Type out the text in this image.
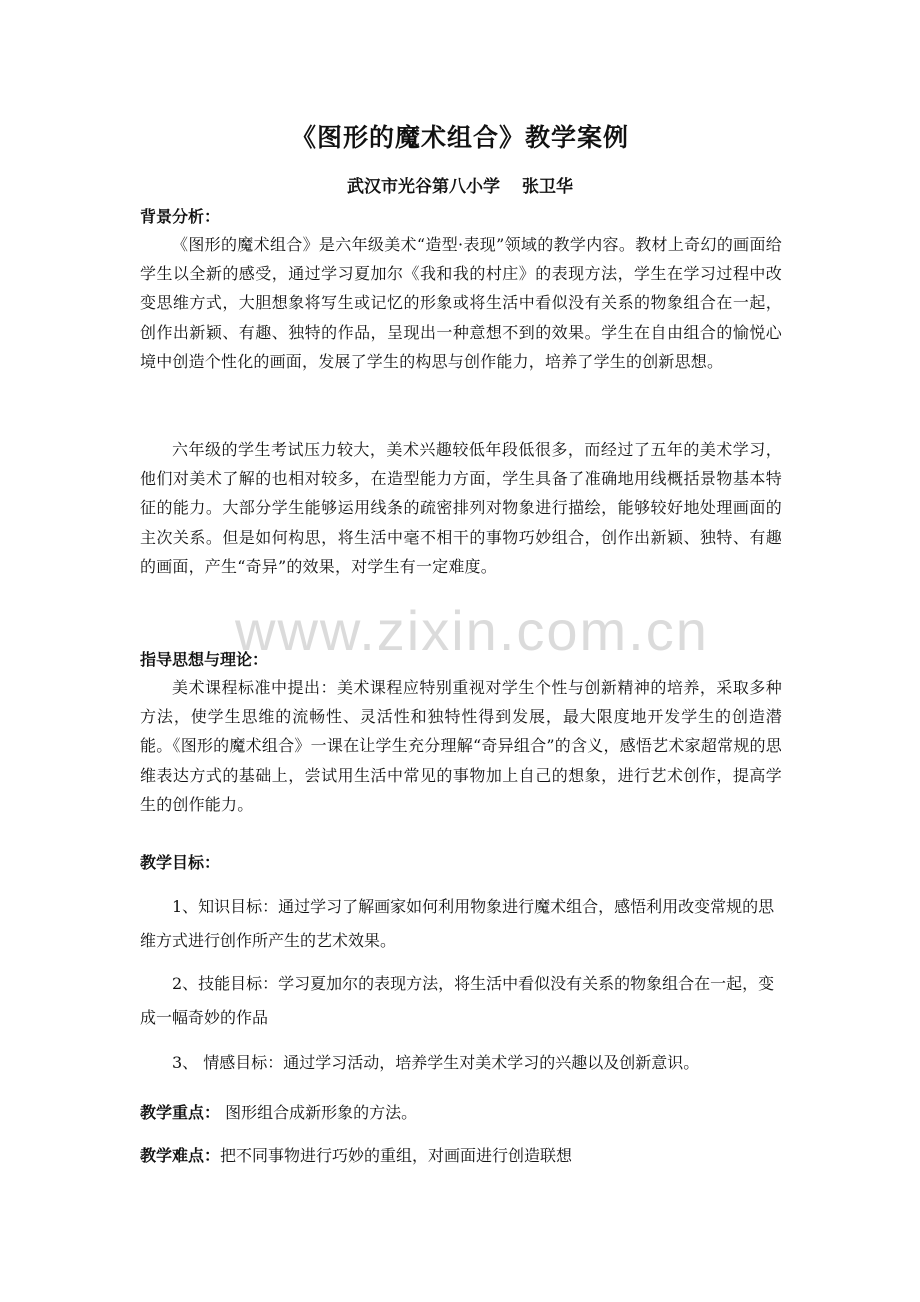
《图形的魔术组合》教学案例
武汉市光谷第八小学 张卫华
背景分析：

《图形的魔术组合》是六年级美术“造型·表现”领域的教学内容。教材上奇幻的画面给学生以全新的感受，通过学习夏加尔《我和我的村庄》的表现方法，学生在学习过程中改变思维方式，大胆想象将写生或记忆的形象或将生活中看似没有关系的物象组合在一起，创作出新颖、有趣、独特的作品，呈现出一种意想不到的效果。学生在自由组合的愉悦心境中创造个性化的画面，发展了学生的构思与创作能力，培养了学生的创新思想。

六年级的学生考试压力较大，美术兴趣较低年段低很多，而经过了五年的美术学习，他们对美术了解的也相对较多，在造型能力方面，学生具备了准确地用线概括景物基本特征的能力。大部分学生能够运用线条的疏密排列对物象进行描绘，能够较好地处理画面的主次关系。但是如何构思，将生活中毫不相干的事物巧妙组合，创作出新颖、独特、有趣的画面，产生“奇异”的效果，对学生有一定难度。

指导思想与理论：

美术课程标准中提出：美术课程应特别重视对学生个性与创新精神的培养，采取多种方法，使学生思维的流畅性、灵活性和独特性得到发展，最大限度地开发学生的创造潜能。《图形的魔术组合》一课在让学生充分理解“奇异组合”的含义，感悟艺术家超常规的思维表达方式的基础上，尝试用生活中常见的事物加上自己的想象，进行艺术创作，提高学生的创作能力。

教学目标：

1、知识目标：通过学习了解画家如何利用物象进行魔术组合，感悟利用改变常规的思维方式进行创作所产生的艺术效果。

2、技能目标：学习夏加尔的表现方法，将生活中看似没有关系的物象组合在一起，变成一幅奇妙的作品

3、 情感目标：通过学习活动，培养学生对美术学习的兴趣以及创新意识。

教学重点： 图形组合成新形象的方法。

教学难点：把不同事物进行巧妙的重组，对画面进行创造联想

www.zixin.com.cn
